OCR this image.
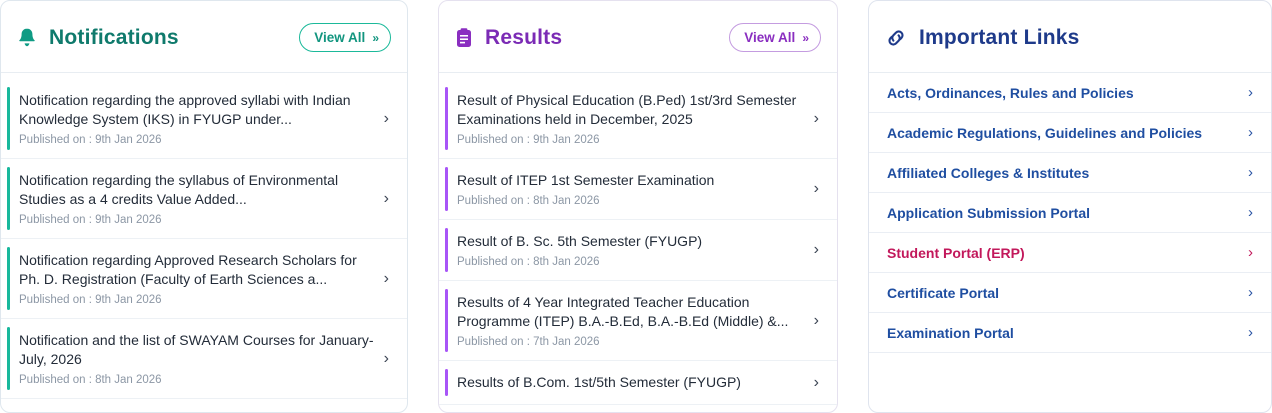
Notifications	View All »
Notification regarding the approved syllabi with Indian Knowledge System (IKS) in FYUGP under...
Published on : 9th Jan 2026
›
Notification regarding the syllabus of Environmental Studies as a 4 credits Value Added...
Published on : 9th Jan 2026
›
Notification regarding Approved Research Scholars for Ph. D. Registration (Faculty of Earth Sciences a...
Published on : 9th Jan 2026
›
Notification and the list of SWAYAM Courses for January-July, 2026
Published on : 8th Jan 2026
›
Results	View All »
Result of Physical Education (B.Ped) 1st/3rd Semester Examinations held in December, 2025
Published on : 9th Jan 2026
›
Result of ITEP 1st Semester Examination
Published on : 8th Jan 2026
›
Result of B. Sc. 5th Semester (FYUGP)
Published on : 8th Jan 2026
›
Results of 4 Year Integrated Teacher Education Programme (ITEP) B.A.-B.Ed, B.A.-B.Ed (Middle) &...
Published on : 7th Jan 2026
›
Results of B.Com. 1st/5th Semester (FYUGP)	›
Important Links
Acts, Ordinances, Rules and Policies	›
Academic Regulations, Guidelines and Policies	›
Affiliated Colleges & Institutes	›
Application Submission Portal	›
Student Portal (ERP)	›
Certificate Portal	›
Examination Portal	›
